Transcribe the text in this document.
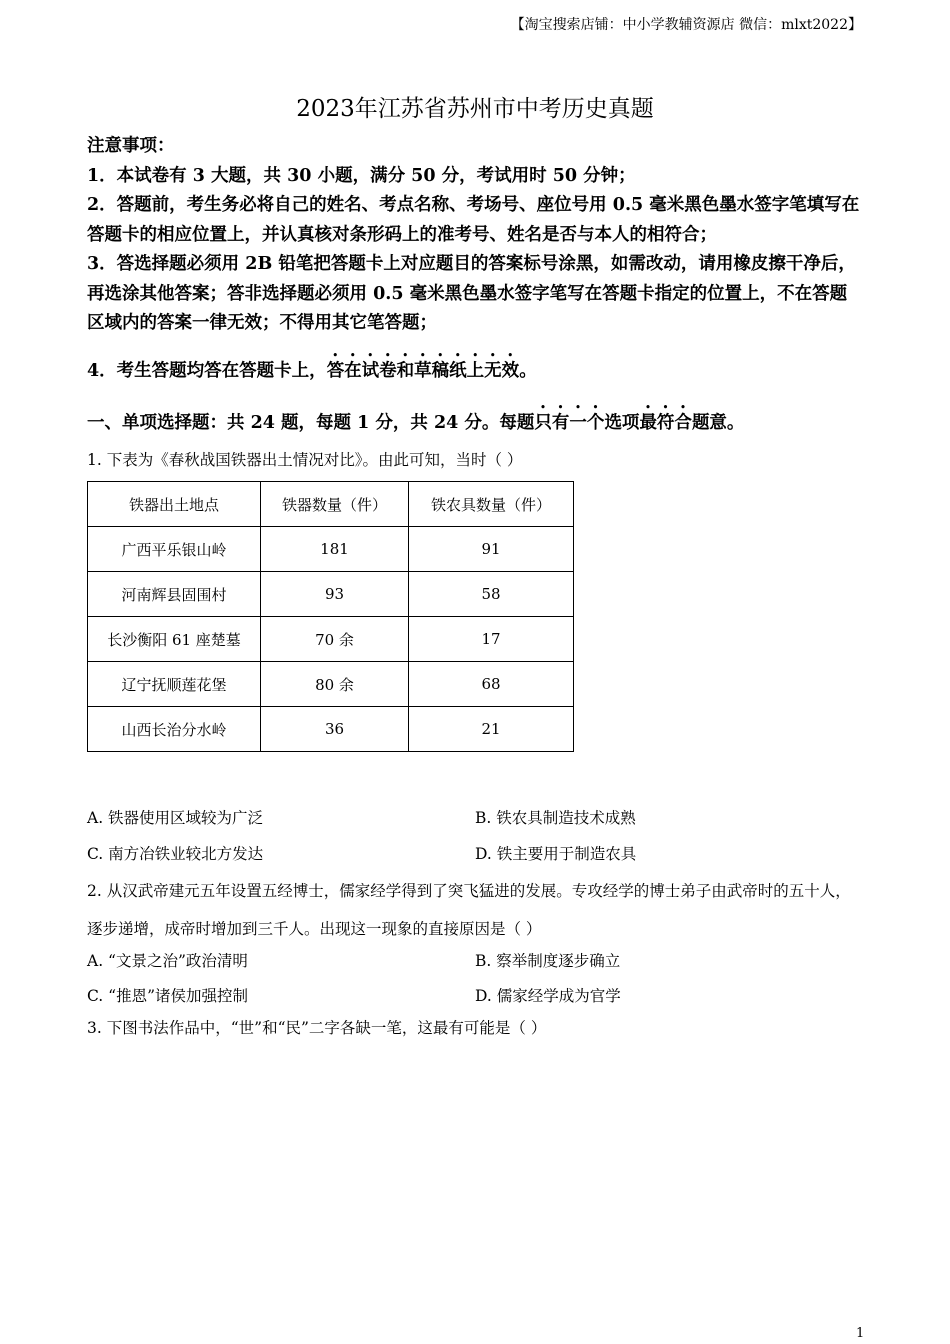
【淘宝搜索店铺：中小学教辅资源店 微信：mlxt2022】
2023年江苏省苏州市中考历史真题

注意事项：

1．本试卷有 3 大题，共 30 小题，满分 50 分，考试用时 50 分钟；

2．答题前，考生务必将自己的姓名、考点名称、考场号、座位号用 0.5 毫米黑色墨水签字笔填写在答题卡的相应位置上，并认真核对条形码上的准考号、姓名是否与本人的相符合；

3．答选择题必须用 2B 铅笔把答题卡上对应题目的答案标号涂黑，如需改动，请用橡皮擦干净后，再选涂其他答案；答非选择题必须用 0.5 毫米黑色墨水签字笔写在答题卡指定的位置上，不在答题区域内的答案一律无效；不得用其它笔答题；

4．考生答题均答在答题卡上，答在试卷和草稿纸上无效。

一、单项选择题：共 24 题，每题 1 分，共 24 分。每题只有一个选项最符合题意。

1. 下表为《春秋战国铁器出土情况对比》。由此可知，当时（ ）

铁器出土地点	铁器数量（件）	铁农具数量（件）
广西平乐银山岭	181	91
河南辉县固围村	93	58
长沙衡阳 61 座楚墓	70 余	17
辽宁抚顺莲花堡	80 余	68
山西长治分水岭	36	21
A. 铁器使用区域较为广泛	B. 铁农具制造技术成熟
C. 南方冶铁业较北方发达	D. 铁主要用于制造农具

2. 从汉武帝建元五年设置五经博士，儒家经学得到了突飞猛进的发展。专攻经学的博士弟子由武帝时的五十人，逐步递增，成帝时增加到三千人。出现这一现象的直接原因是（ ）

A. “文景之治”政治清明	B. 察举制度逐步确立
C. “推恩”诸侯加强控制	D. 儒家经学成为官学

3. 下图书法作品中，“世”和“民”二字各缺一笔，这最有可能是（ ）

1
